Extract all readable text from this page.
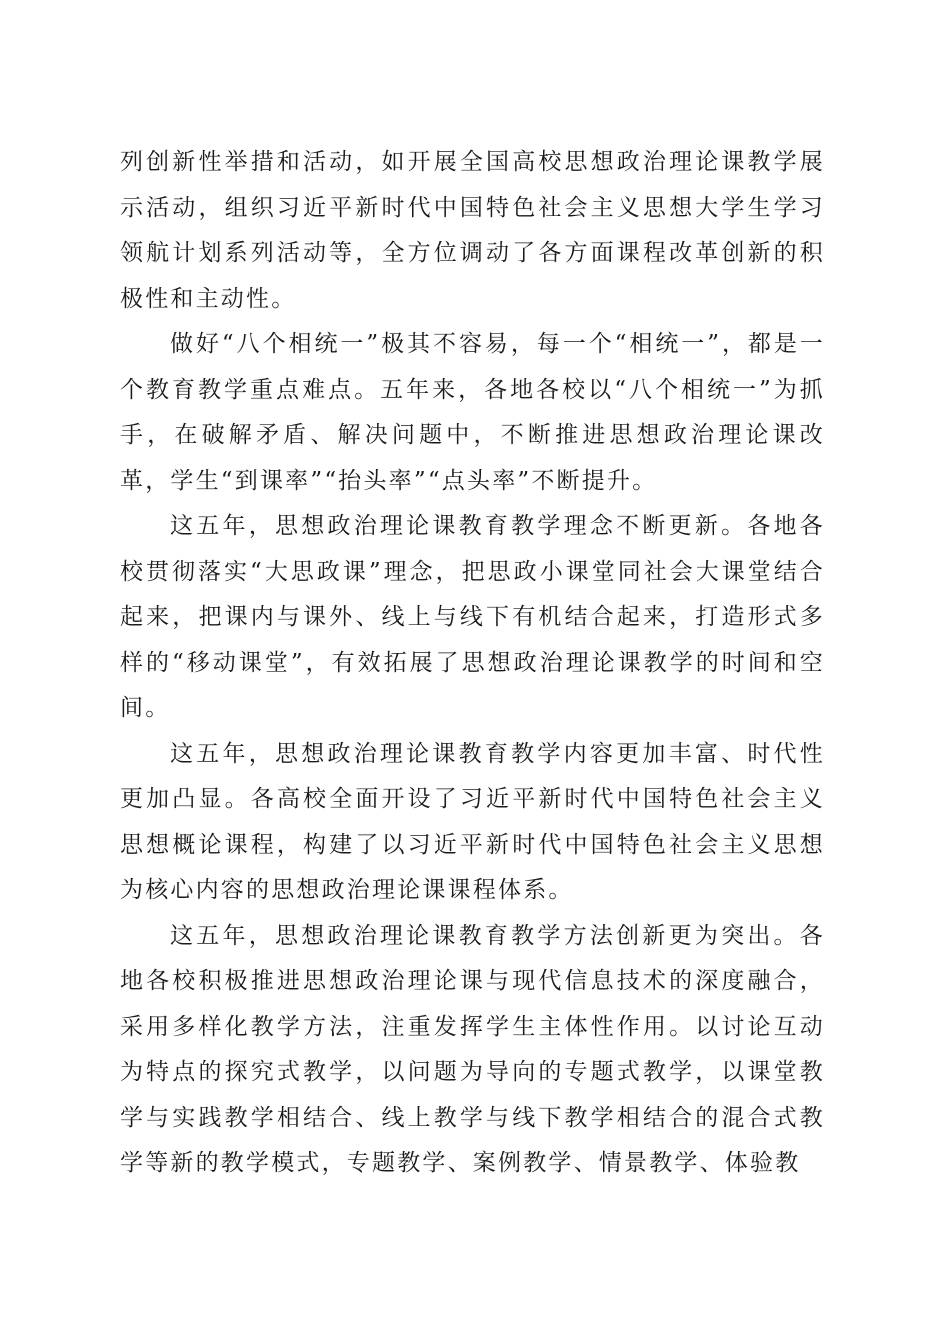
列创新性举措和活动，如开展全国高校思想政治理论课教学展示活动，组织习近平新时代中国特色社会主义思想大学生学习领航计划系列活动等，全方位调动了各方面课程改革创新的积极性和主动性。

做好“八个相统一”极其不容易，每一个“相统一”，都是一个教育教学重点难点。五年来，各地各校以“八个相统一”为抓手，在破解矛盾、解决问题中，不断推进思想政治理论课改革，学生“到课率”“抬头率”“点头率”不断提升。

这五年，思想政治理论课教育教学理念不断更新。各地各校贯彻落实“大思政课”理念，把思政小课堂同社会大课堂结合起来，把课内与课外、线上与线下有机结合起来，打造形式多样的“移动课堂”，有效拓展了思想政治理论课教学的时间和空间。

这五年，思想政治理论课教育教学内容更加丰富、时代性更加凸显。各高校全面开设了习近平新时代中国特色社会主义思想概论课程，构建了以习近平新时代中国特色社会主义思想为核心内容的思想政治理论课课程体系。

这五年，思想政治理论课教育教学方法创新更为突出。各地各校积极推进思想政治理论课与现代信息技术的深度融合，采用多样化教学方法，注重发挥学生主体性作用。以讨论互动为特点的探究式教学，以问题为导向的专题式教学，以课堂教学与实践教学相结合、线上教学与线下教学相结合的混合式教学等新的教学模式，专题教学、案例教学、情景教学、体验教
